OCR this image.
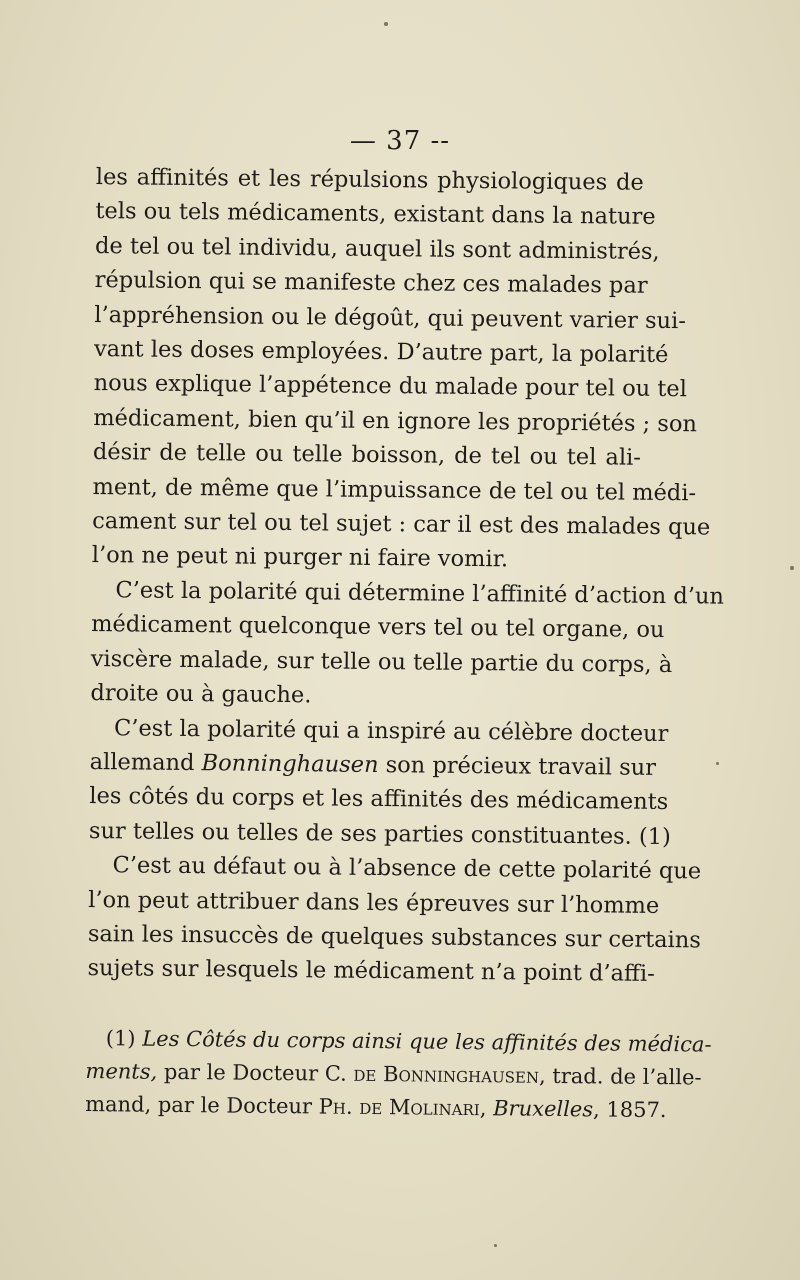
— 37 --

les affinités et les répulsions physiologiques de
tels ou tels médicaments, existant dans la nature
de tel ou tel individu, auquel ils sont administrés,
répulsion qui se manifeste chez ces malades par
l’appréhension ou le dégoût, qui peuvent varier sui-
vant les doses employées. D’autre part, la polarité
nous explique l’appétence du malade pour tel ou tel
médicament, bien qu’il en ignore les propriétés ; son
désir de telle ou telle boisson, de tel ou tel ali-
ment, de même que l’impuissance de tel ou tel médi-
cament sur tel ou tel sujet : car il est des malades que
l’on ne peut ni purger ni faire vomir.

C’est la polarité qui détermine l’affinité d’action d’un
médicament quelconque vers tel ou tel organe, ou
viscère malade, sur telle ou telle partie du corps, à
droite ou à gauche.

C’est la polarité qui a inspiré au célèbre docteur
allemand Bonninghausen son précieux travail sur
les côtés du corps et les affinités des médicaments
sur telles ou telles de ses parties constituantes. (1)

C’est au défaut ou à l’absence de cette polarité que
l’on peut attribuer dans les épreuves sur l’homme
sain les insuccès de quelques substances sur certains
sujets sur lesquels le médicament n’a point d’affi-

(1) Les Côtés du corps ainsi que les affinités des médica-
ments, par le Docteur C. de Bonninghausen, trad. de l’alle-
mand, par le Docteur Ph. de Molinari, Bruxelles, 1857.
